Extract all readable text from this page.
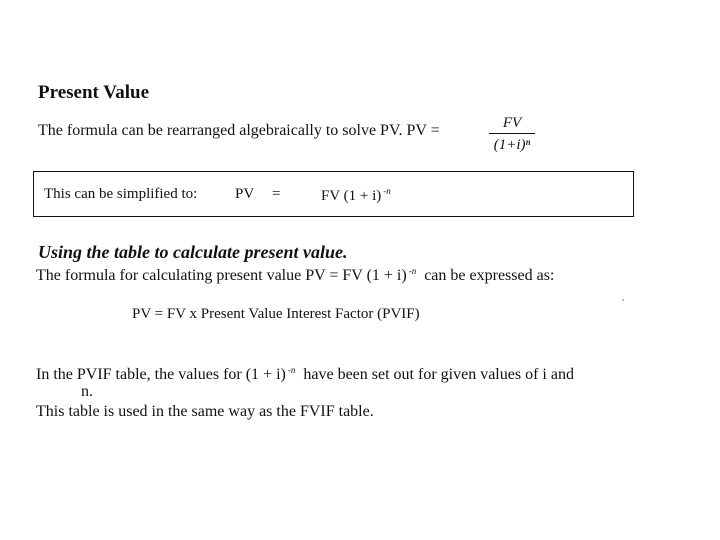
Present Value
The formula can be rearranged algebraically to solve PV. PV =	FV
(1+i)ⁿ
This can be simplified to:	PV =	FV (1 + i) $^{-n}$
Using the table to calculate present value.
The formula for calculating present value PV = FV (1 + i) $^{-n}$ can be expressed as:
PV = FV x Present Value Interest Factor (PVIF)
In the PVIF table, the values for (1 + i) $^{-n}$ have been set out for given values of i and
n.
This table is used in the same way as the FVIF table.
